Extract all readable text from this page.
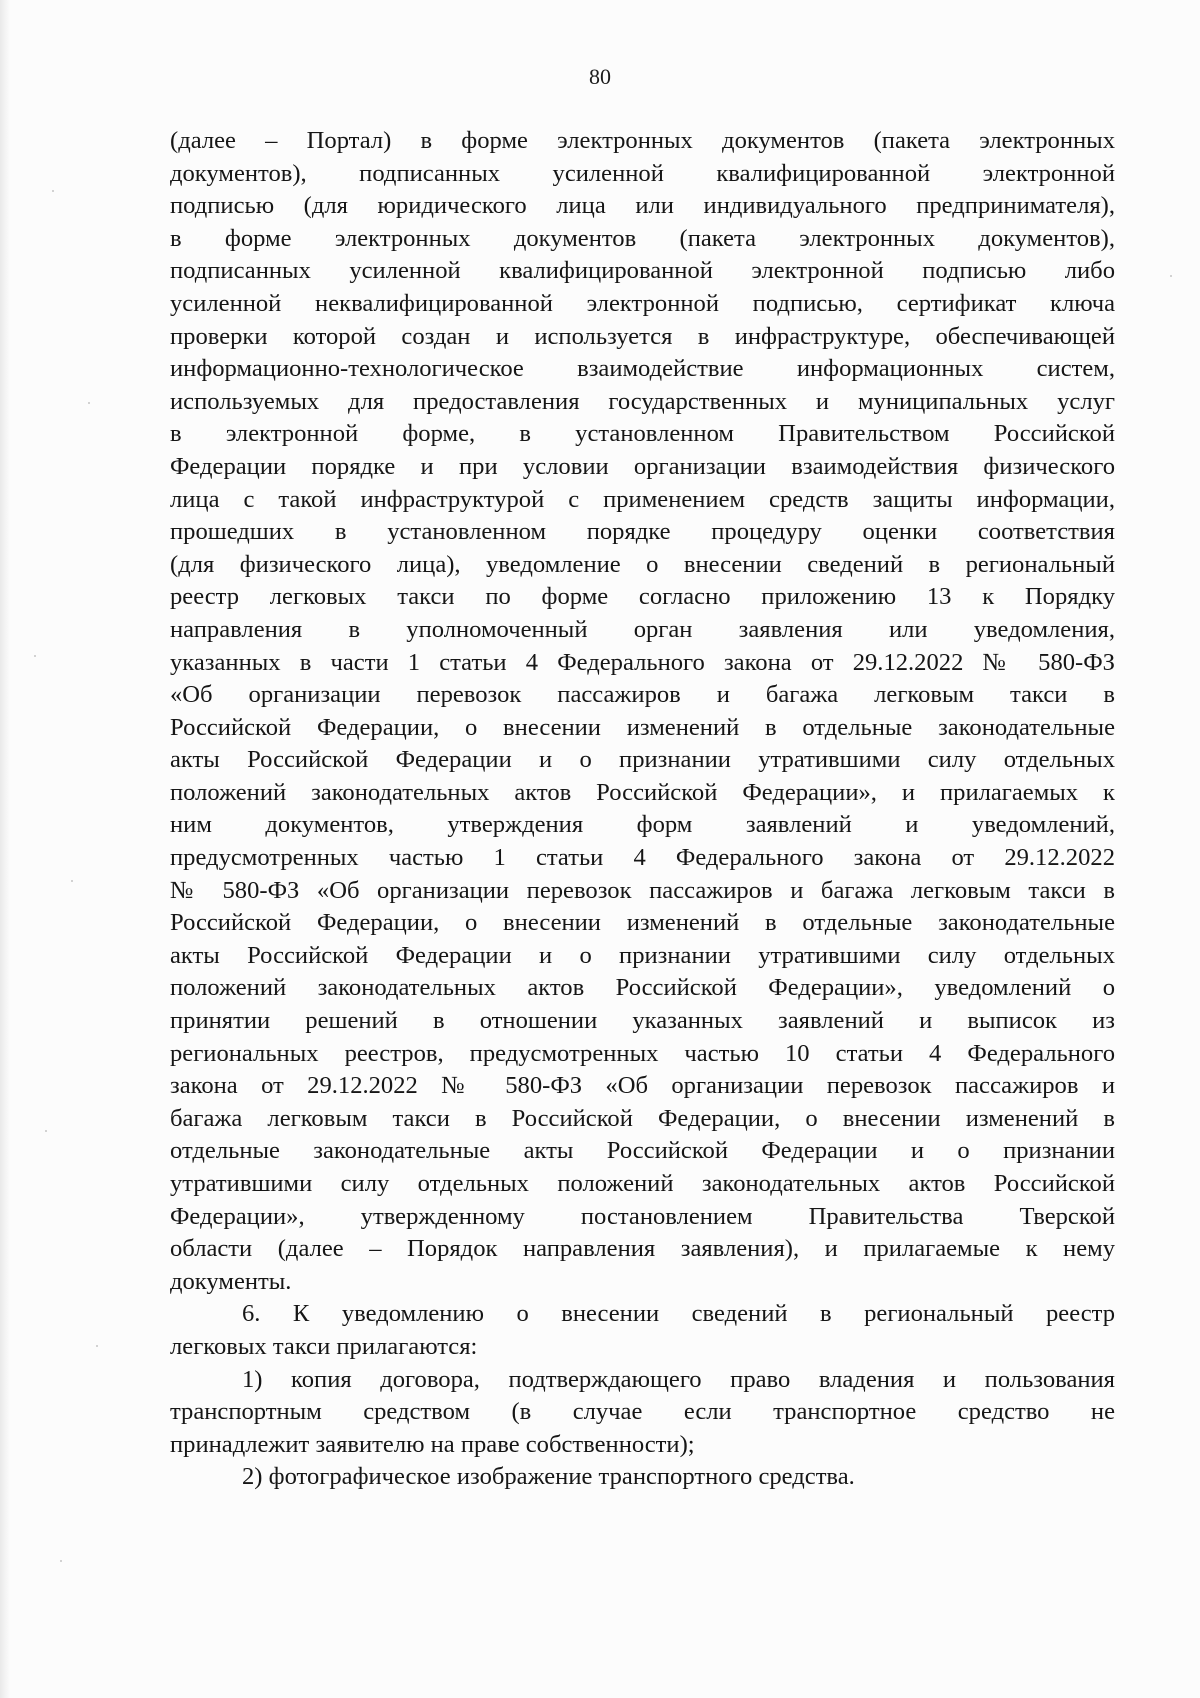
80

(далее – Портал) в форме электронных документов (пакета электронных
документов), подписанных усиленной квалифицированной электронной
подписью (для юридического лица или индивидуального предпринимателя),
в форме электронных документов (пакета электронных документов),
подписанных усиленной квалифицированной электронной подписью либо
усиленной неквалифицированной электронной подписью, сертификат ключа
проверки которой создан и используется в инфраструктуре, обеспечивающей
информационно-технологическое взаимодействие информационных систем,
используемых для предоставления государственных и муниципальных услуг
в электронной форме, в установленном Правительством Российской
Федерации порядке и при условии организации взаимодействия физического
лица с такой инфраструктурой с применением средств защиты информации,
прошедших в установленном порядке процедуру оценки соответствия
(для физического лица), уведомление о внесении сведений в региональный
реестр легковых такси по форме согласно приложению 13 к Порядку
направления в уполномоченный орган заявления или уведомления,
указанных в части 1 статьи 4 Федерального закона от 29.12.2022 № 580-ФЗ
«Об организации перевозок пассажиров и багажа легковым такси в
Российской Федерации, о внесении изменений в отдельные законодательные
акты Российской Федерации и о признании утратившими силу отдельных
положений законодательных актов Российской Федерации», и прилагаемых к
ним документов, утверждения форм заявлений и уведомлений,
предусмотренных частью 1 статьи 4 Федерального закона от 29.12.2022
№ 580-ФЗ «Об организации перевозок пассажиров и багажа легковым такси в
Российской Федерации, о внесении изменений в отдельные законодательные
акты Российской Федерации и о признании утратившими силу отдельных
положений законодательных актов Российской Федерации», уведомлений о
принятии решений в отношении указанных заявлений и выписок из
региональных реестров, предусмотренных частью 10 статьи 4 Федерального
закона от 29.12.2022 № 580-ФЗ «Об организации перевозок пассажиров и
багажа легковым такси в Российской Федерации, о внесении изменений в
отдельные законодательные акты Российской Федерации и о признании
утратившими силу отдельных положений законодательных актов Российской
Федерации», утвержденному постановлением Правительства Тверской
области (далее – Порядок направления заявления), и прилагаемые к нему
документы.

6. К уведомлению о внесении сведений в региональный реестр
легковых такси прилагаются:

1) копия договора, подтверждающего право владения и пользования
транспортным средством (в случае если транспортное средство не
принадлежит заявителю на праве собственности);

2) фотографическое изображение транспортного средства.
